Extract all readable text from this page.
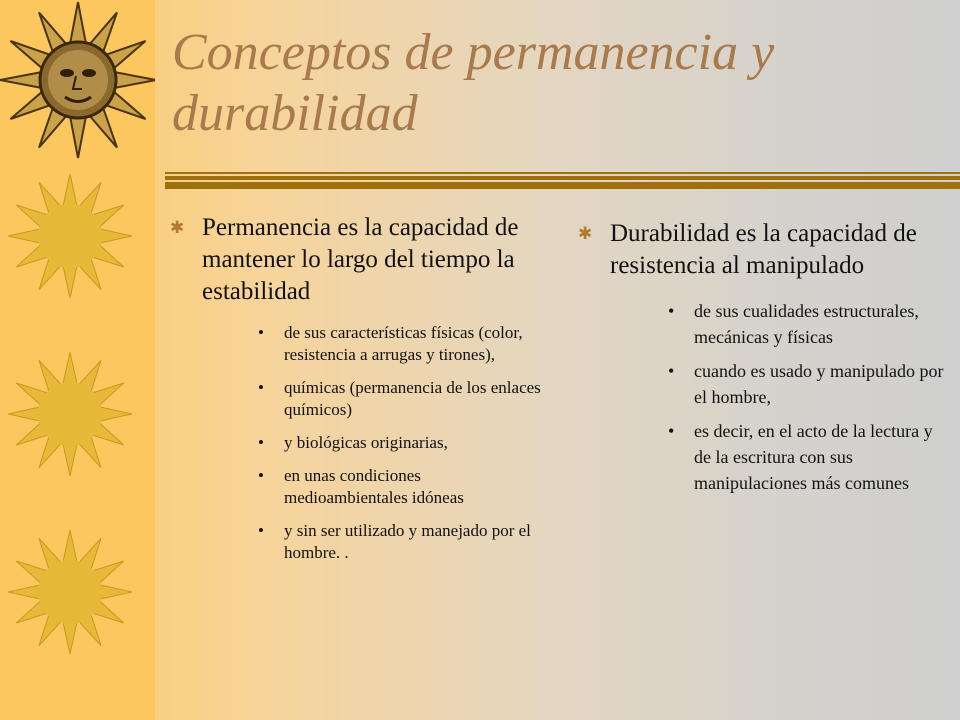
Conceptos de permanencia y durabilidad
✱ Permanencia es la capacidad de mantener lo largo del tiempo la estabilidad
• de sus características físicas (color, resistencia a arrugas y tirones),
• químicas (permanencia de los enlaces químicos)
• y biológicas originarias,
• en unas condiciones medioambientales idóneas
• y sin ser utilizado y manejado por el hombre. .
✱ Durabilidad es la capacidad de resistencia al manipulado
• de sus cualidades estructurales, mecánicas y físicas
• cuando es usado y manipulado por el hombre,
• es decir, en el acto de la lectura y de la escritura con sus manipulaciones más comunes
